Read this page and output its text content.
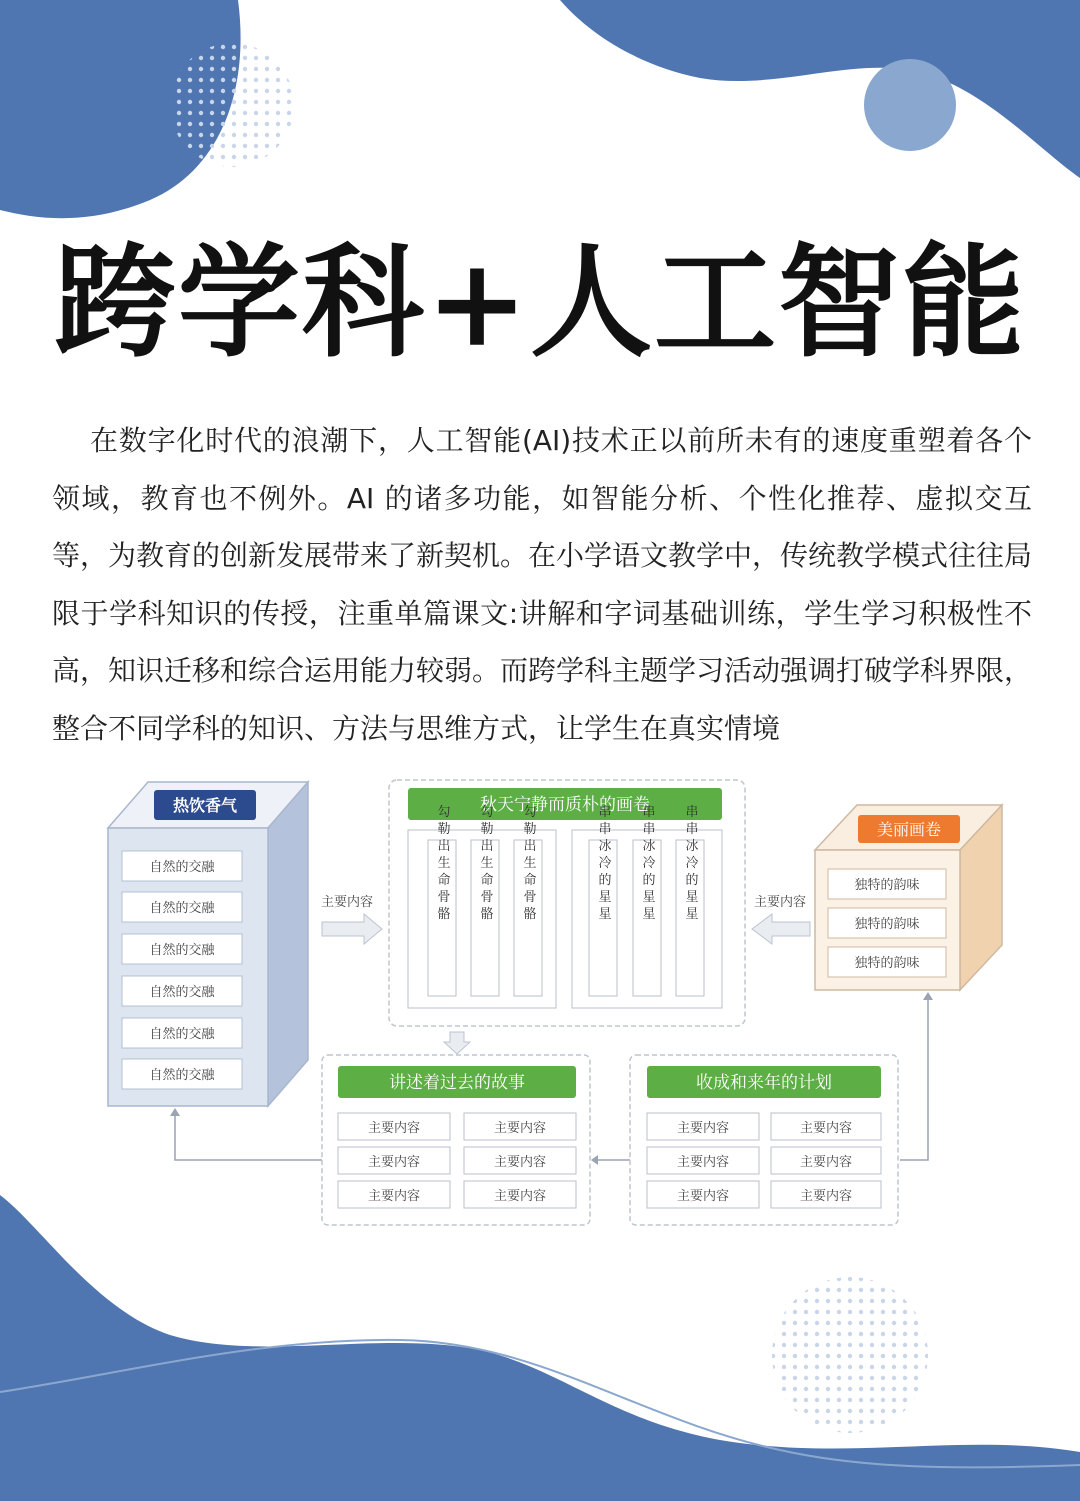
跨学科+人工智能

在数字化时代的浪潮下，人工智能(AI)技术正以前所未有的速度重塑着各个领域，教育也不例外。AI 的诸多功能，如智能分析、个性化推荐、虚拟交互等，为教育的创新发展带来了新契机。在小学语文教学中，传统教学模式往往局限于学科知识的传授，注重单篇课文:讲解和字词基础训练，学生学习积极性不高，知识迁移和综合运用能力较弱。而跨学科主题学习活动强调打破学科界限，整合不同学科的知识、方法与思维方式，让学生在真实情境

热饮香气
自然的交融
自然的交融
自然的交融
自然的交融
自然的交融
自然的交融
主要内容
秋天宁静而质朴的画卷
勾勒出生命骨骼 勾勒出生命骨骼 勾勒出生命骨骼	串串冰冷的星星 串串冰冷的星星 串串冰冷的星星	主要内容
美丽画卷
独特的韵味
独特的韵味
独特的韵味
讲述着过去的故事
主要内容	主要内容
主要内容	主要内容
主要内容	主要内容
收成和来年的计划
主要内容	主要内容
主要内容	主要内容
主要内容	主要内容
